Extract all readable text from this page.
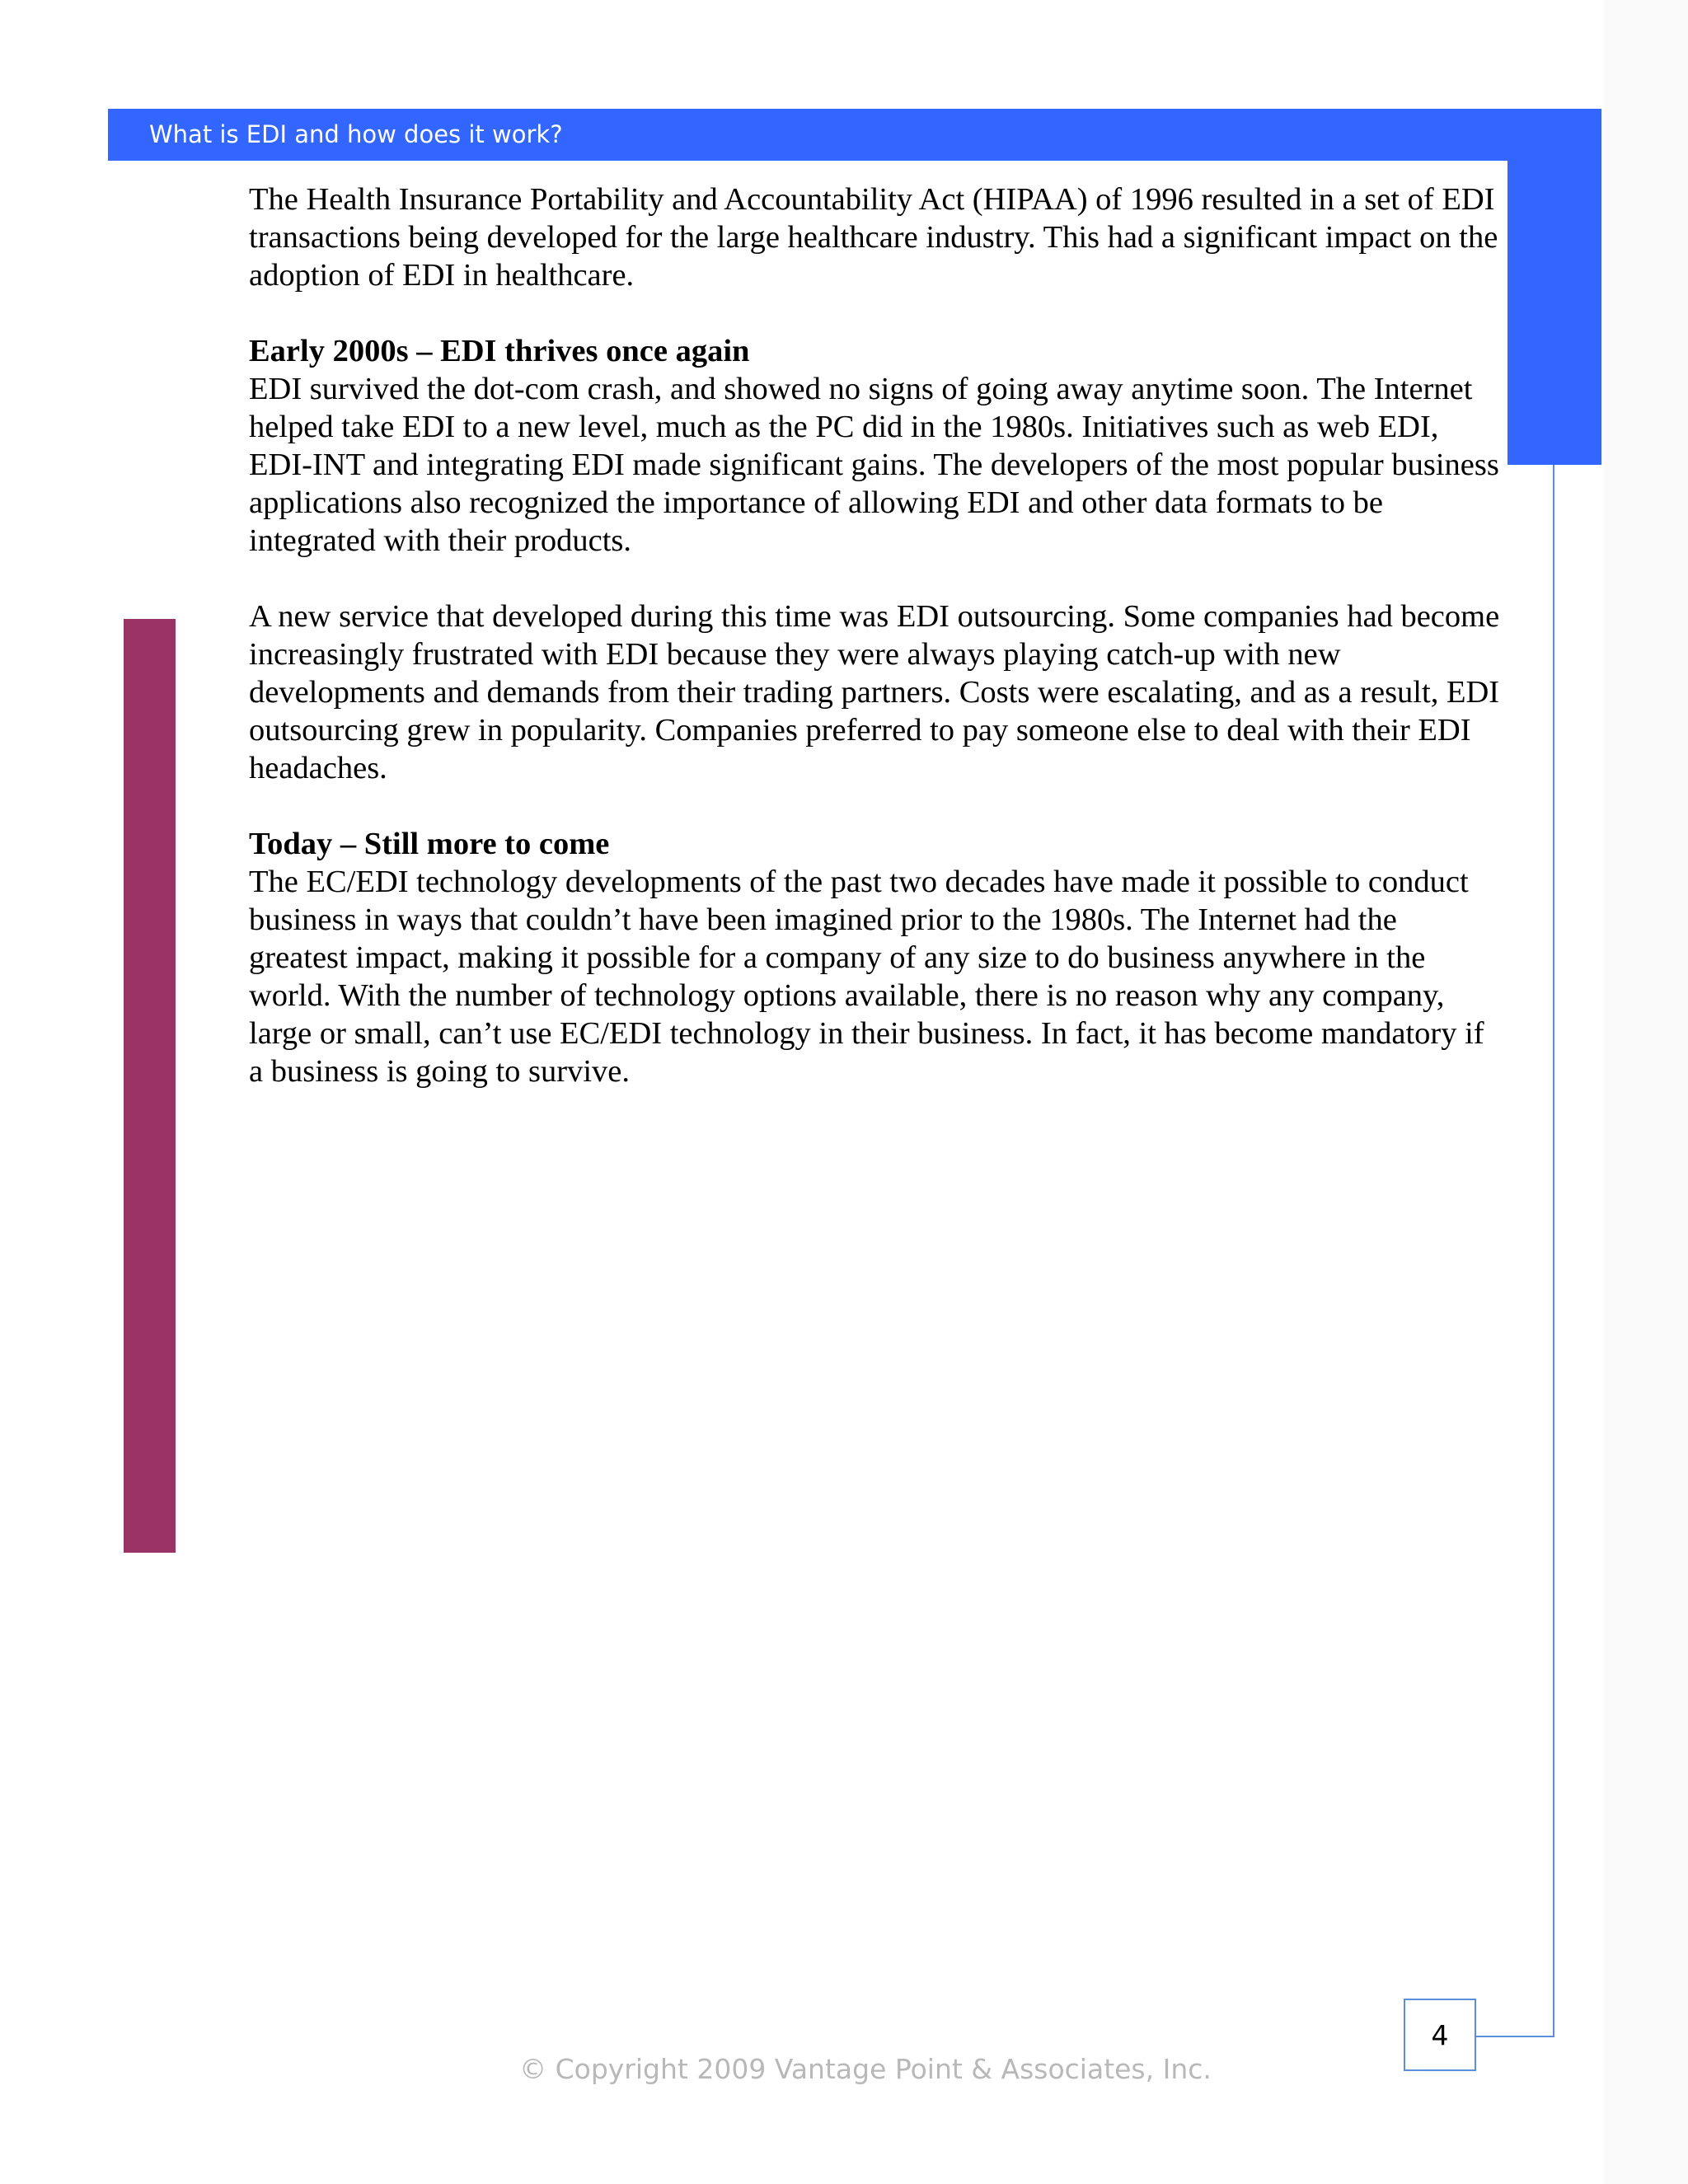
What is EDI and how does it work?

The Health Insurance Portability and Accountability Act (HIPAA) of 1996 resulted in a set of EDI transactions being developed for the large healthcare industry. This had a significant impact on the adoption of EDI in healthcare.

Early 2000s – EDI thrives once again
EDI survived the dot-com crash, and showed no signs of going away anytime soon. The Internet helped take EDI to a new level, much as the PC did in the 1980s. Initiatives such as web EDI, EDI-INT and integrating EDI made significant gains. The developers of the most popular business applications also recognized the importance of allowing EDI and other data formats to be integrated with their products.

A new service that developed during this time was EDI outsourcing. Some companies had become increasingly frustrated with EDI because they were always playing catch-up with new developments and demands from their trading partners. Costs were escalating, and as a result, EDI outsourcing grew in popularity. Companies preferred to pay someone else to deal with their EDI headaches.

Today – Still more to come
The EC/EDI technology developments of the past two decades have made it possible to conduct business in ways that couldn’t have been imagined prior to the 1980s. The Internet had the greatest impact, making it possible for a company of any size to do business anywhere in the world. With the number of technology options available, there is no reason why any company, large or small, can’t use EC/EDI technology in their business. In fact, it has become mandatory if a business is going to survive.

4
© Copyright 2009 Vantage Point & Associates, Inc.
